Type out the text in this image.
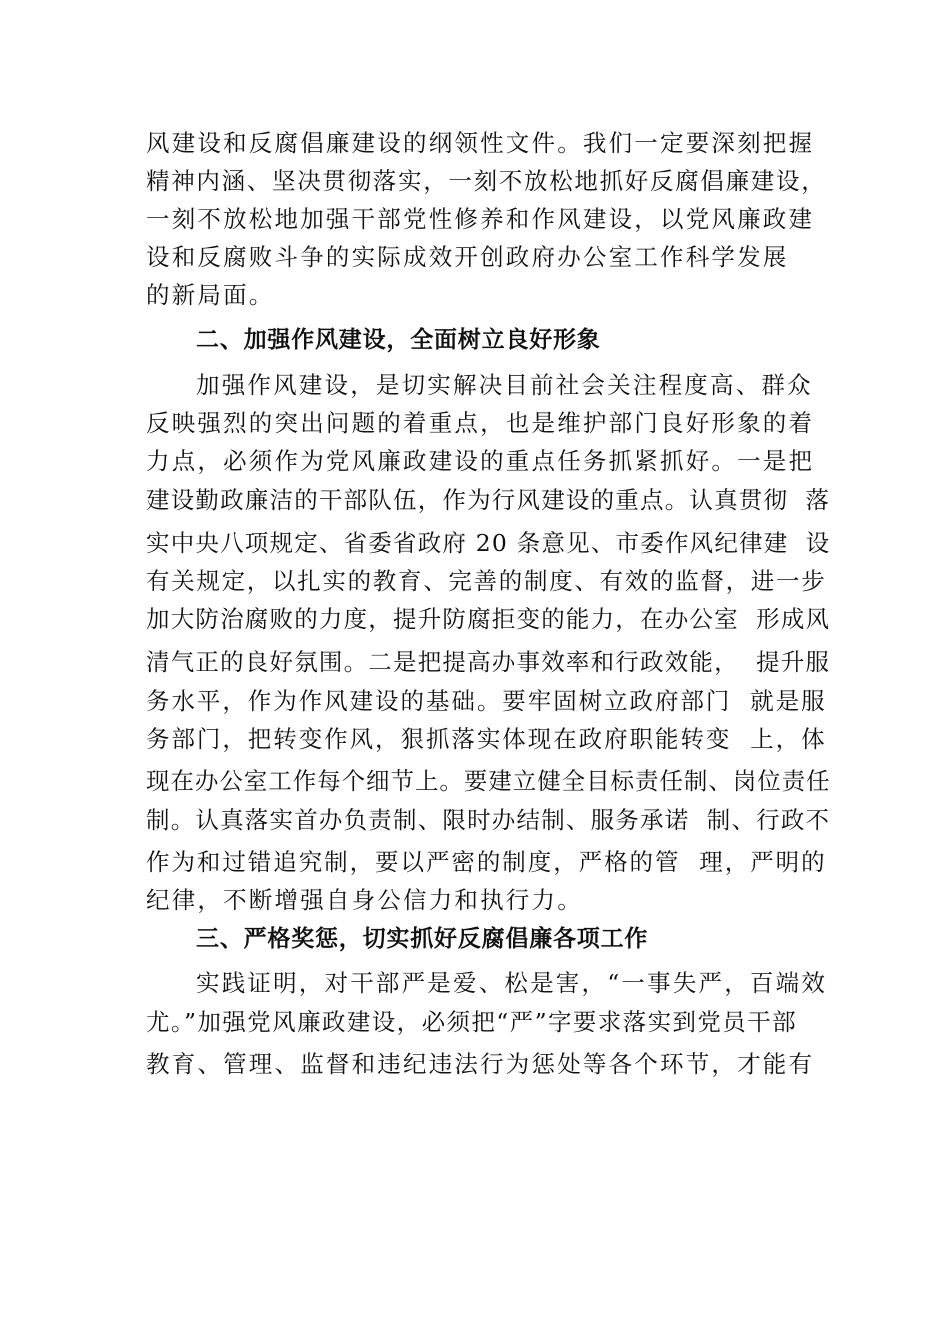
风建设和反腐倡廉建设的纲领性文件。我们一定要深刻把握
精神内涵、坚决贯彻落实，一刻不放松地抓好反腐倡廉建设，
一刻不放松地加强干部党性修养和作风建设，以党风廉政建
设和反腐败斗争的实际成效开创政府办公室工作科学发展
的新局面。
二、加强作风建设，全面树立良好形象
加强作风建设，是切实解决目前社会关注程度高、群众
反映强烈的突出问题的着重点，也是维护部门良好形象的着
力点，必须作为党风廉政建设的重点任务抓紧抓好。一是把
建设勤政廉洁的干部队伍，作为行风建设的重点。认真贯彻  落
实中央八项规定、省委省政府 20 条意见、市委作风纪律建  设
有关规定，以扎实的教育、完善的制度、有效的监督，进一步
加大防治腐败的力度，提升防腐拒变的能力，在办公室  形成风
清气正的良好氛围。二是把提高办事效率和行政效能，  提升服
务水平，作为作风建设的基础。要牢固树立政府部门  就是服
务部门，把转变作风，狠抓落实体现在政府职能转变  上，体
现在办公室工作每个细节上。要建立健全目标责任制、岗位责任
制。认真落实首办负责制、限时办结制、服务承诺  制、行政不
作为和过错追究制，要以严密的制度，严格的管  理，严明的
纪律，不断增强自身公信力和执行力。
三、严格奖惩，切实抓好反腐倡廉各项工作
实践证明，对干部严是爱、松是害，“一事失严，百端效
尤。”加强党风廉政建设，必须把“严”字要求落实到党员干部
教育、管理、监督和违纪违法行为惩处等各个环节，才能有
